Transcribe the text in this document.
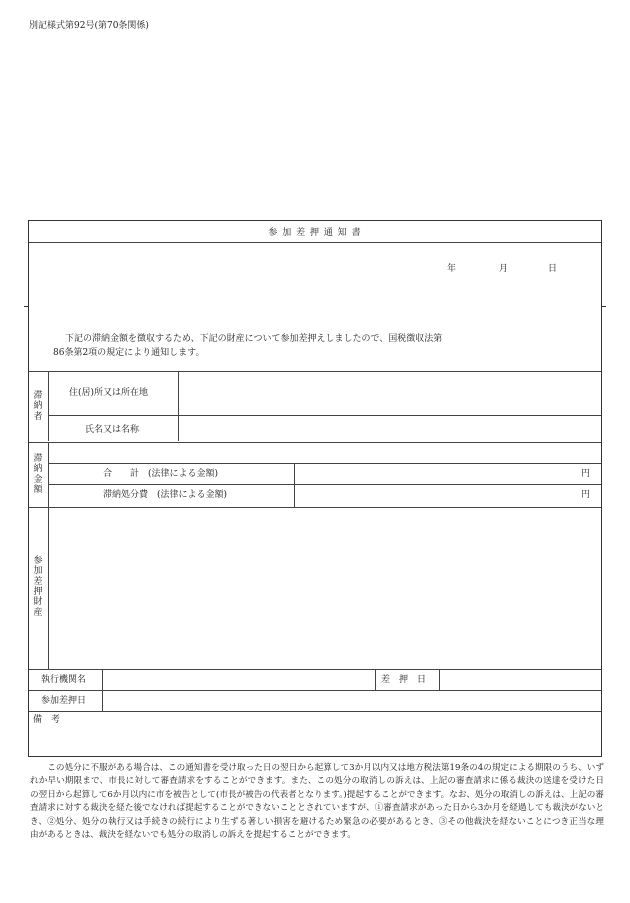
別記様式第92号(第70条関係)
参 加 差 押 通 知 書
年	月	日
下記の滞納金額を徴収するため、下記の財産について参加差押えしましたので、国税徴収法第
86条第2項の規定により通知します。
滞
納
者
住(居)所又は所在地
氏名又は名称
滞
納
金
額
合　　計　(法律による金額)	円
滞納処分費　(法律による金額)	円
参
加
差
押
財
産
執行機関名	差　押　日
参加差押日
備　考
この処分に不服がある場合は、この通知書を受け取った日の翌日から起算して3か月以内又は地方税法第19条の4の規定による期限のうち、いずれか早い期限まで、市長に対して審査請求をすることができます。また、この処分の取消しの訴えは、上記の審査請求に係る裁決の送達を受けた日の翌日から起算して6か月以内に市を被告として(市長が被告の代表者となります。)提起することができます。なお、処分の取消しの訴えは、上記の審査請求に対する裁決を経た後でなければ提起することができないこととされていますが、①審査請求があった日から3か月を経過しても裁決がないとき、②処分、処分の執行又は手続きの続行により生ずる著しい損害を避けるため緊急の必要があるとき、③その他裁決を経ないことにつき正当な理由があるときは、裁決を経ないでも処分の取消しの訴えを提起することができます。
